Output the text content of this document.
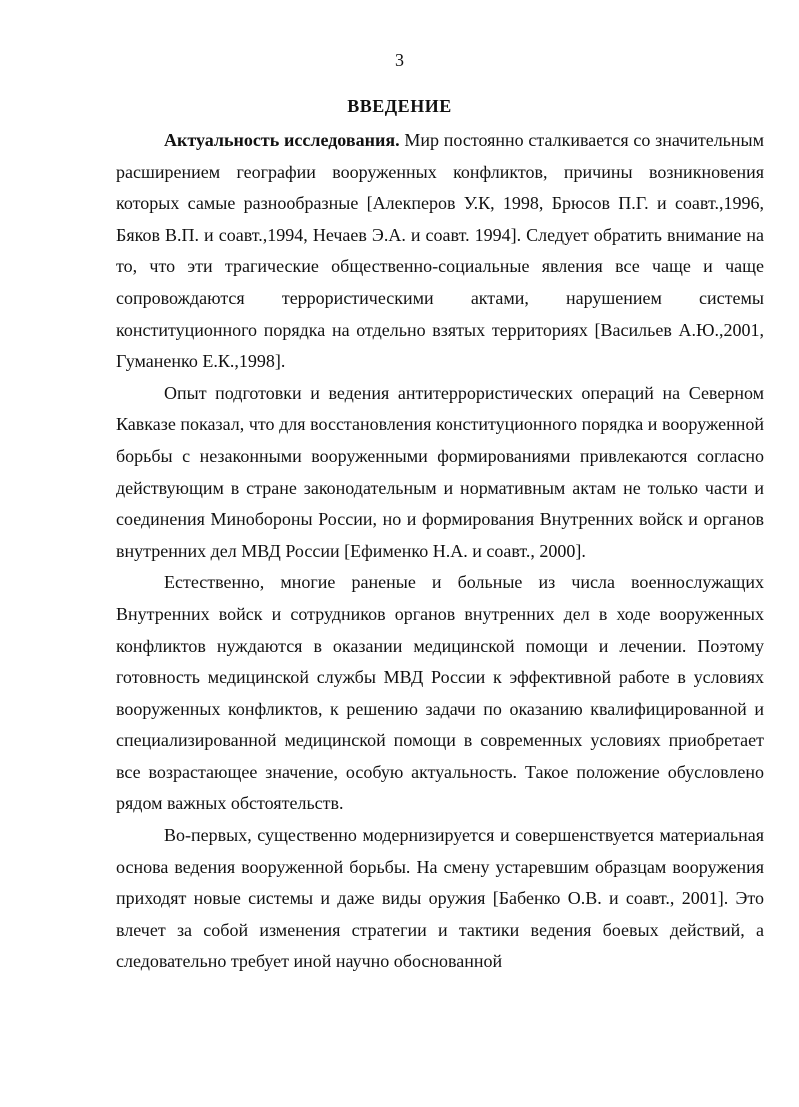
3
ВВЕДЕНИЕ

Актуальность исследования. Мир постоянно сталкивается со значительным расширением географии вооруженных конфликтов, причины возникновения которых самые разнообразные [Алекперов У.К, 1998, Брюсов П.Г. и соавт.,1996, Бяков В.П. и соавт.,1994, Нечаев Э.А. и соавт. 1994]. Следует обратить внимание на то, что эти трагические общественно-социальные явления все чаще и чаще сопровождаются террористическими актами, нарушением системы конституционного порядка на отдельно взятых территориях [Васильев А.Ю.,2001, Гуманенко Е.К.,1998].

Опыт подготовки и ведения антитеррористических операций на Северном Кавказе показал, что для восстановления конституционного порядка и вооруженной борьбы с незаконными вооруженными формированиями привлекаются согласно действующим в стране законодательным и нормативным актам не только части и соединения Минобороны России, но и формирования Внутренних войск и органов внутренних дел МВД России [Ефименко Н.А. и соавт., 2000].

Естественно, многие раненые и больные из числа военнослужащих Внутренних войск и сотрудников органов внутренних дел в ходе вооруженных конфликтов нуждаются в оказании медицинской помощи и лечении. Поэтому готовность медицинской службы МВД России к эффективной работе в условиях вооруженных конфликтов, к решению задачи по оказанию квалифицированной и специализированной медицинской помощи в современных условиях приобретает все возрастающее значение, особую актуальность. Такое положение обусловлено рядом важных обстоятельств.

Во-первых, существенно модернизируется и совершенствуется материальная основа ведения вооруженной борьбы. На смену устаревшим образцам вооружения приходят новые системы и даже виды оружия [Бабенко О.В. и соавт., 2001]. Это влечет за собой изменения стратегии и тактики ведения боевых действий, а следовательно требует иной научно обоснованной
